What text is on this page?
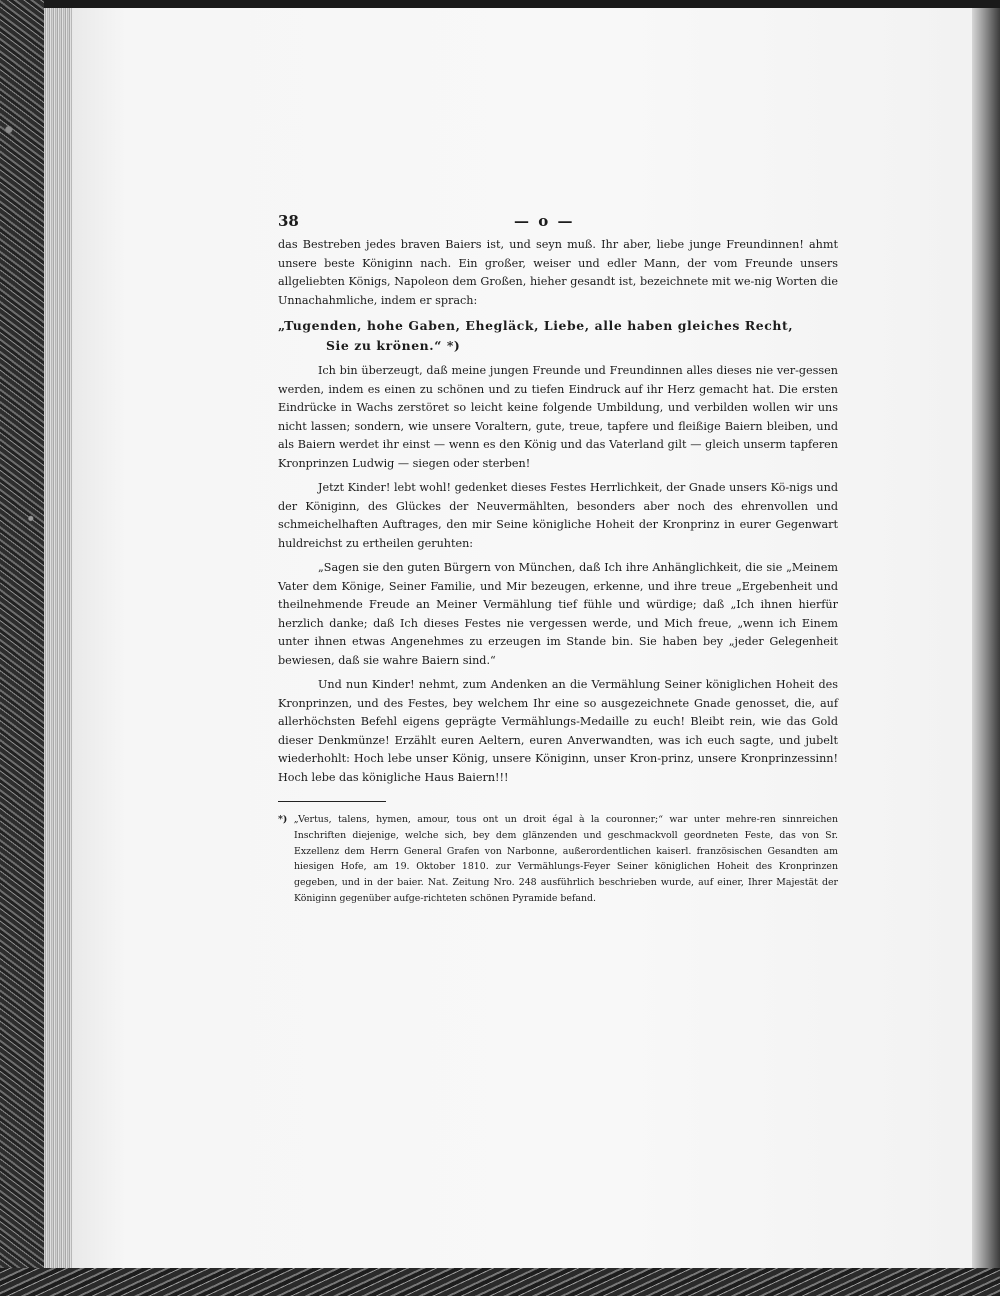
38	— o —

das Bestreben jedes braven Baiers ist, und seyn muß. Ihr aber, liebe junge Freundinnen! ahmt unsere beste Königinn nach. Ein großer, weiser und edler Mann, der vom Freunde unsers allgeliebten Königs, Napoleon dem Großen, hieher gesandt ist, bezeichnete mit we-nig Worten die Unnachahmliche, indem er sprach:

„Tugenden, hohe Gaben, Ehegläck, Liebe, alle haben gleiches Recht,
Sie zu krönen.“ *)

Ich bin überzeugt, daß meine jungen Freunde und Freundinnen alles dieses nie ver-gessen werden, indem es einen zu schönen und zu tiefen Eindruck auf ihr Herz gemacht hat. Die ersten Eindrücke in Wachs zerstöret so leicht keine folgende Umbildung, und verbilden wollen wir uns nicht lassen; sondern, wie unsere Voraltern, gute, treue, tapfere und fleißige Baiern bleiben, und als Baiern werdet ihr einst — wenn es den König und das Vaterland gilt — gleich unserm tapferen Kronprinzen Ludwig — siegen oder sterben!

Jetzt Kinder! lebt wohl! gedenket dieses Festes Herrlichkeit, der Gnade unsers Kö-nigs und der Königinn, des Glückes der Neuvermählten, besonders aber noch des ehrenvollen und schmeichelhaften Auftrages, den mir Seine königliche Hoheit der Kronprinz in eurer Gegenwart huldreichst zu ertheilen geruhten:

„Sagen sie den guten Bürgern von München, daß Ich ihre Anhänglichkeit, die sie „Meinem Vater dem Könige, Seiner Familie, und Mir bezeugen, erkenne, und ihre treue „Ergebenheit und theilnehmende Freude an Meiner Vermählung tief fühle und würdige; daß „Ich ihnen hierfür herzlich danke; daß Ich dieses Festes nie vergessen werde, und Mich freue, „wenn ich Einem unter ihnen etwas Angenehmes zu erzeugen im Stande bin. Sie haben bey „jeder Gelegenheit bewiesen, daß sie wahre Baiern sind.“

Und nun Kinder! nehmt, zum Andenken an die Vermählung Seiner königlichen Hoheit des Kronprinzen, und des Festes, bey welchem Ihr eine so ausgezeichnete Gnade genosset, die, auf allerhöchsten Befehl eigens geprägte Vermählungs-Medaille zu euch! Bleibt rein, wie das Gold dieser Denkmünze! Erzählt euren Aeltern, euren Anverwandten, was ich euch sagte, und jubelt wiederhohlt: Hoch lebe unser König, unsere Königinn, unser Kron-prinz, unsere Kronprinzessinn! Hoch lebe das königliche Haus Baiern!!!

*) „Vertus, talens, hymen, amour, tous ont un droit égal à la couronner;“ war unter mehre-ren sinnreichen Inschriften diejenige, welche sich, bey dem glänzenden und geschmackvoll geordneten Feste, das von Sr. Exzellenz dem Herrn General Grafen von Narbonne, außerordentlichen kaiserl. französischen Gesandten am hiesigen Hofe, am 19. Oktober 1810. zur Vermählungs-Feyer Seiner königlichen Hoheit des Kronprinzen gegeben, und in der baier. Nat. Zeitung Nro. 248 ausführlich beschrieben wurde, auf einer, Ihrer Majestät der Königinn gegenüber aufge-richteten schönen Pyramide befand.
